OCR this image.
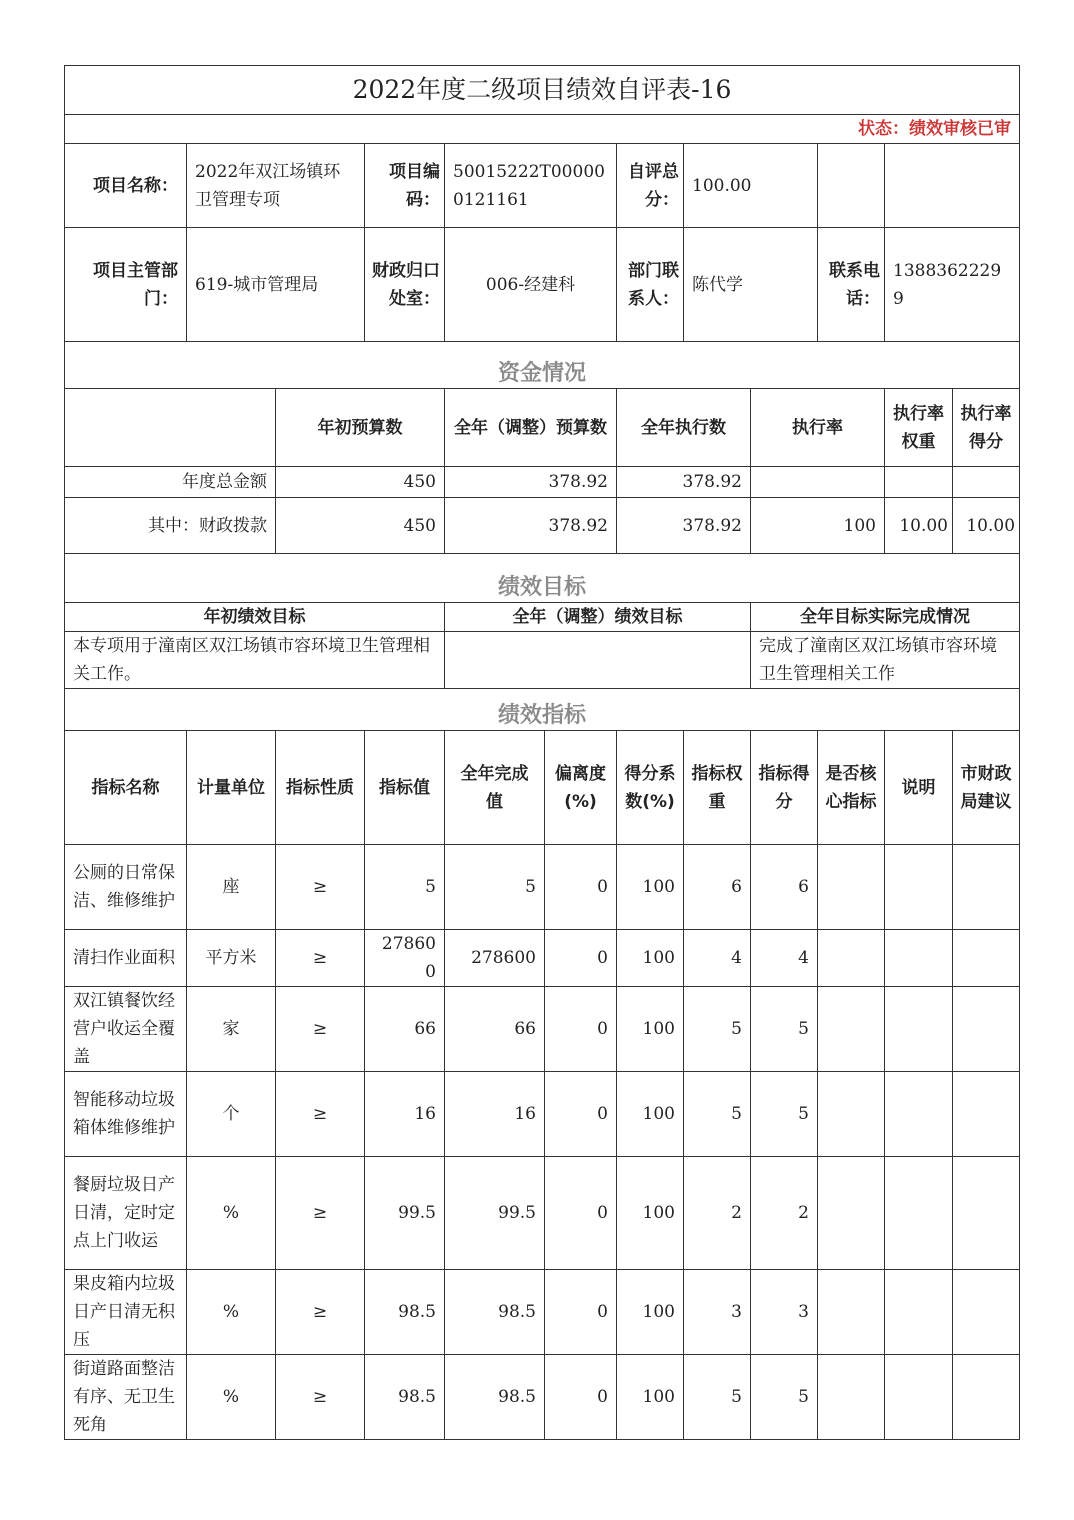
2022年度二级项目绩效自评表-16											
状态：绩效审核已审											
项目名称：	2022年双江场镇环卫管理专项		项目编码：	50015222T000000121161		自评总分：	100.00				
项目主管部门：	619-城市管理局		财政归口处室：	006-经建科		部门联系人：	陈代学		联系电话：	13883622299	
资金情况											
		年初预算数		全年（调整）预算数		全年执行数		执行率		执行率权重	执行率得分
年度总金额		450		378.92		378.92					
其中：财政拨款		450		378.92		378.92		100		10.00	10.00
绩效目标											
年初绩效目标				全年（调整）绩效目标				全年目标实际完成情况			
本专项用于潼南区双江场镇市容环境卫生管理相关工作。								完成了潼南区双江场镇市容环境卫生管理相关工作			
绩效指标											
指标名称	计量单位	指标性质	指标值	全年完成值	偏离度(%)	得分系数(%)	指标权重	指标得分	是否核心指标	说明	市财政局建议
公厕的日常保洁、维修维护	座	≥	5	5	0	100	6	6			
清扫作业面积	平方米	≥	278600	278600	0	100	4	4			
双江镇餐饮经营户收运全覆盖	家	≥	66	66	0	100	5	5			
智能移动垃圾箱体维修维护	个	≥	16	16	0	100	5	5			
餐厨垃圾日产日清，定时定点上门收运	%	≥	99.5	99.5	0	100	2	2			
果皮箱内垃圾日产日清无积压	%	≥	98.5	98.5	0	100	3	3			
街道路面整洁有序、无卫生死角	%	≥	98.5	98.5	0	100	5	5			
